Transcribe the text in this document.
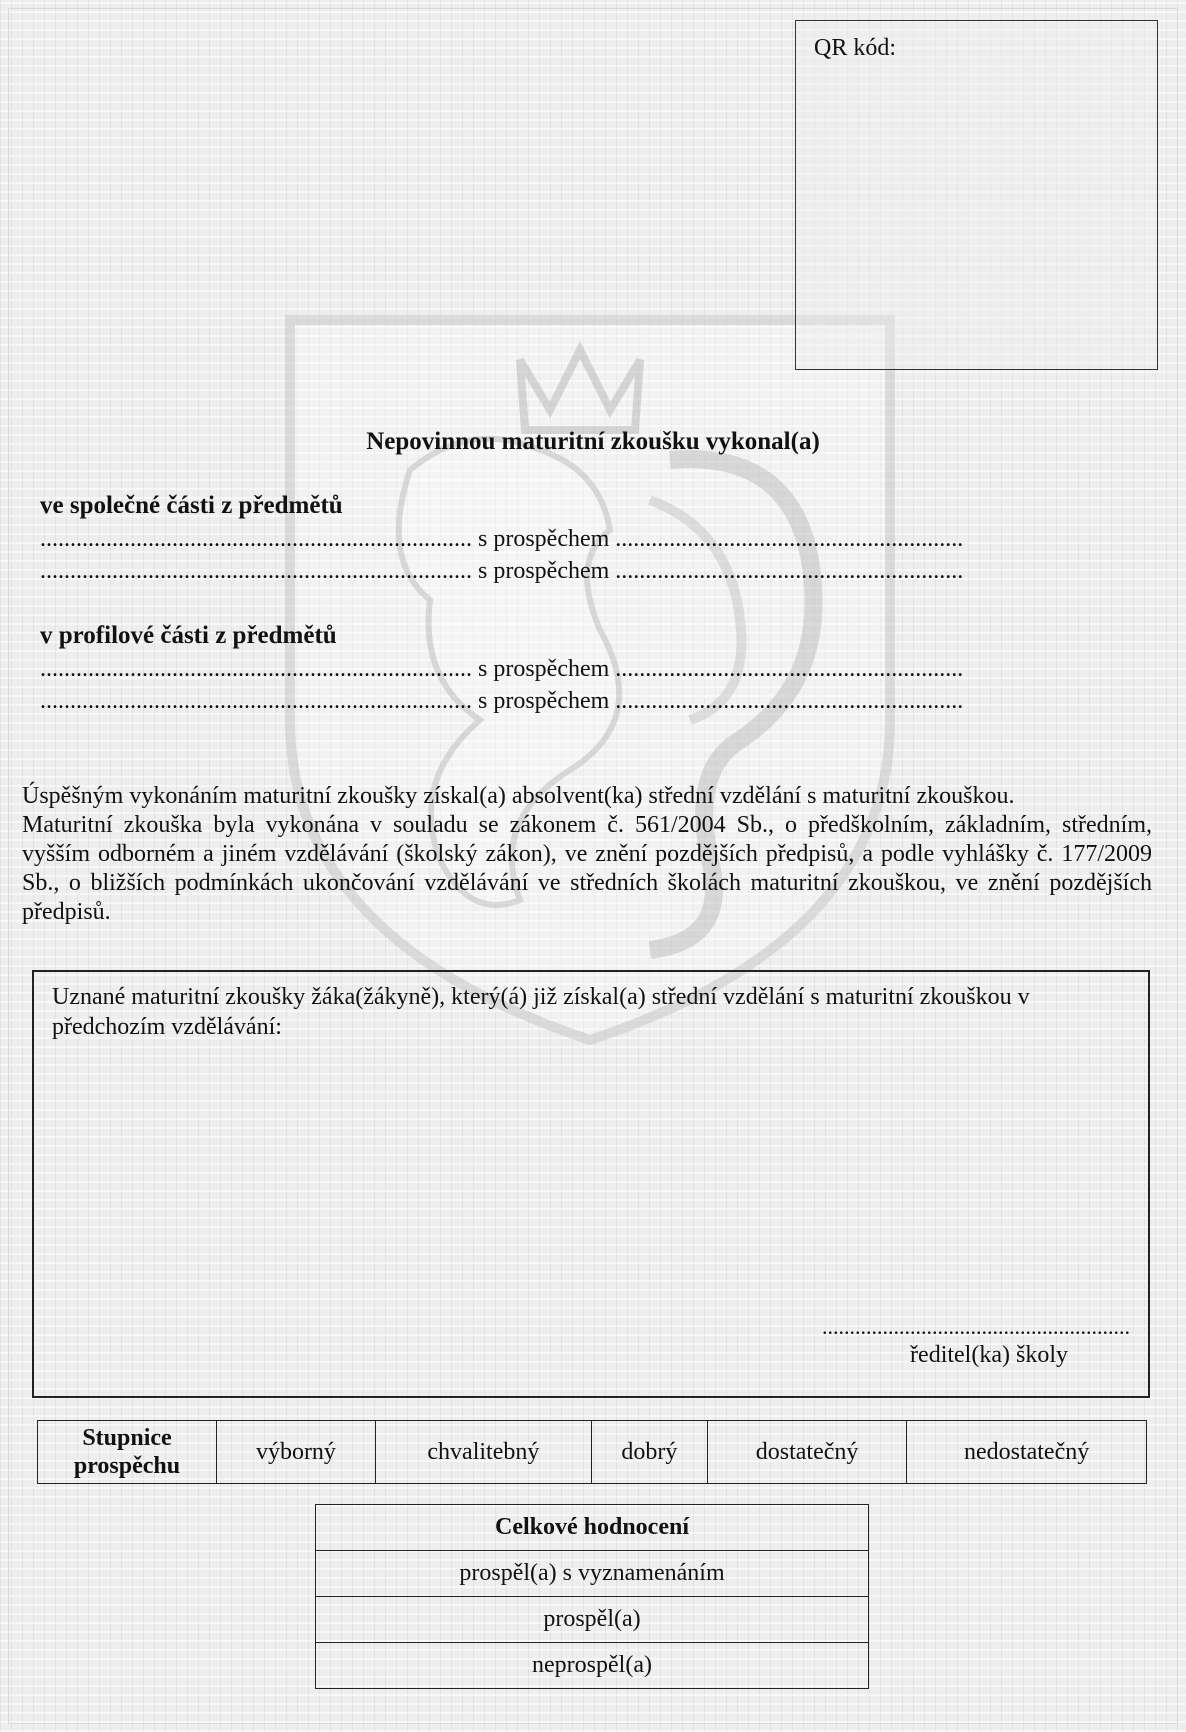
QR kód:
Nepovinnou maturitní zkoušku vykonal(a)
ve společné části z předmětů
........................................................................ s prospěchem ..........................................................
........................................................................ s prospěchem ..........................................................
v profilové části z předmětů
........................................................................ s prospěchem ..........................................................
........................................................................ s prospěchem ..........................................................

Úspěšným vykonáním maturitní zkoušky získal(a) absolvent(ka) střední vzdělání s maturitní zkouškou.

Maturitní zkouška byla vykonána v souladu se zákonem č. 561/2004 Sb., o předškolním, základním, středním, vyšším odborném a jiném vzdělávání (školský zákon), ve znění pozdějších předpisů, a podle vyhlášky č. 177/2009 Sb., o bližších podmínkách ukončování vzdělávání ve středních školách maturitní zkouškou, ve znění pozdějších předpisů.

Uznané maturitní zkoušky žáka(žákyně), který(á) již získal(a) střední vzdělání s maturitní zkouškou v předchozím vzdělávání:
........................................................
ředitel(ka) školy
Stupnice prospěchu	výborný	chvalitebný	dobrý	dostatečný	nedostatečný
Celkové hodnocení
prospěl(a) s vyznamenáním
prospěl(a)
neprospěl(a)
